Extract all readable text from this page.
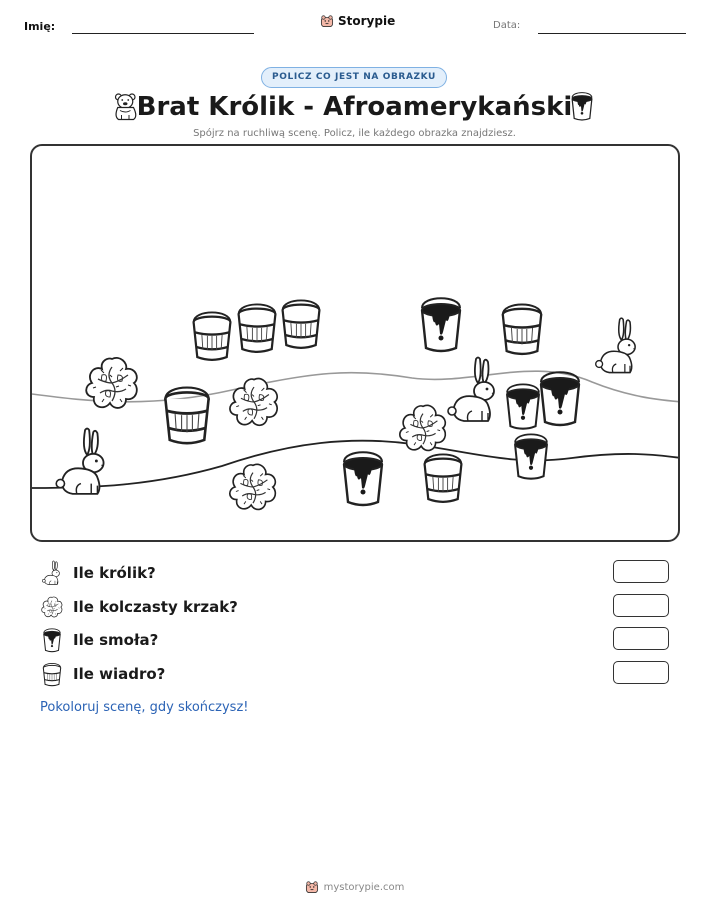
Imię:	Storypie	Data:
POLICZ CO JEST NA OBRAZKU
Brat Królik - Afroamerykański
Spójrz na ruchliwą scenę. Policz, ile każdego obrazka znajdziesz.
Ile królik?
Ile kolczasty krzak?
Ile smoła?
Ile wiadro?
Pokoloruj scenę, gdy skończysz!
mystorypie.com
